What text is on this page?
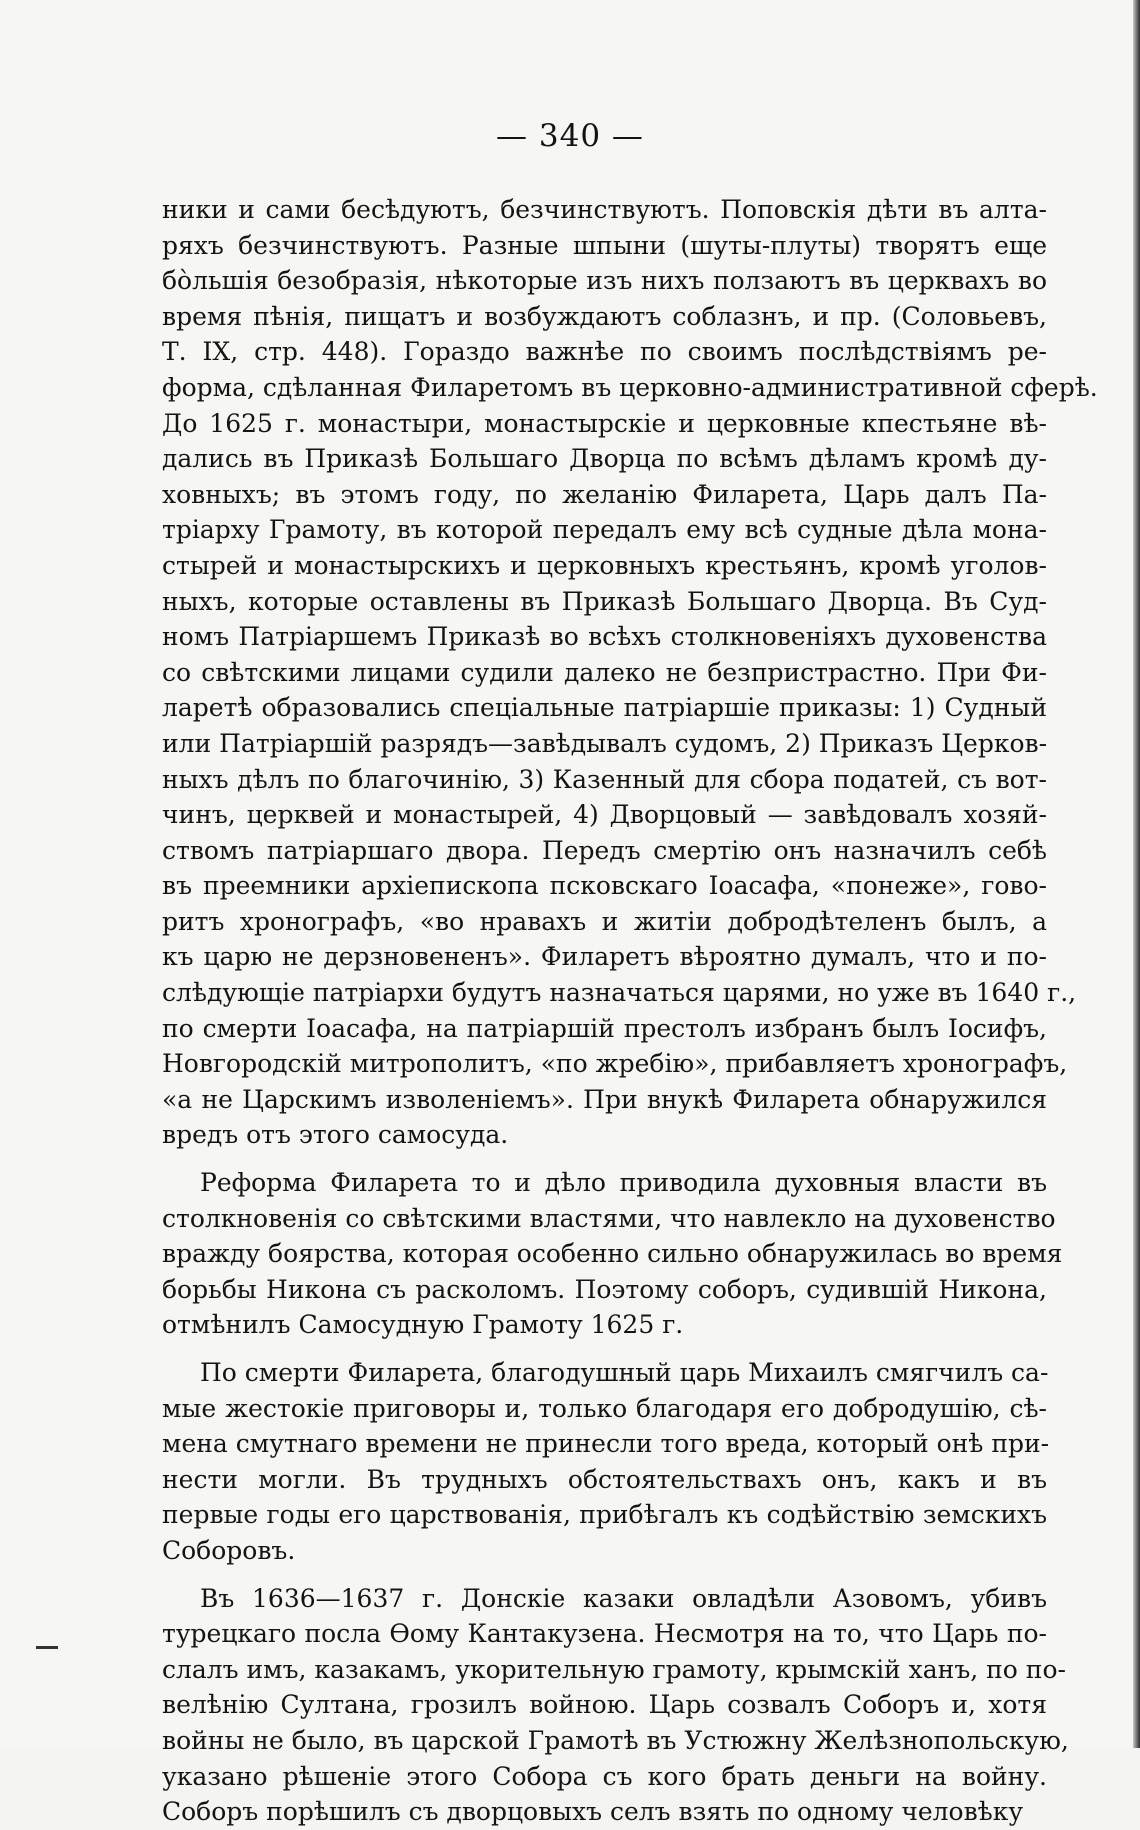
— 340 —
ники и сами бесѣдуютъ, безчинствуютъ. Поповскія дѣти въ алта-
ряхъ безчинствуютъ. Разные шпыни (шуты-плуты) творятъ еще
бо̀льшія безобразія, нѣкоторые изъ нихъ ползаютъ въ церквахъ во
время пѣнія, пищатъ и возбуждаютъ соблазнъ, и пр. (Соловьевъ,
Т. IX, стр. 448). Гораздо важнѣе по своимъ послѣдствіямъ ре-
форма, сдѣланная Филаретомъ въ церковно-административной сферѣ.
До 1625 г. монастыри, монастырскіе и церковные кпестьяне вѣ-
дались въ Приказѣ Большаго Дворца по всѣмъ дѣламъ кромѣ ду-
ховныхъ; въ этомъ году, по желанію Филарета, Царь далъ Па-
тріарху Грамоту, въ которой передалъ ему всѣ судные дѣла мона-
стырей и монастырскихъ и церковныхъ крестьянъ, кромѣ уголов-
ныхъ, которые оставлены въ Приказѣ Большаго Дворца. Въ Суд-
номъ Патріаршемъ Приказѣ во всѣхъ столкновеніяхъ духовенства
со свѣтскими лицами судили далеко не безпристрастно. При Фи-
ларетѣ образовались спеціальные патріаршіе приказы: 1) Судный
или Патріаршій разрядъ—завѣдывалъ судомъ, 2) Приказъ Церков-
ныхъ дѣлъ по благочинію, 3) Казенный для сбора податей, съ вот-
чинъ, церквей и монастырей, 4) Дворцовый — завѣдовалъ хозяй-
ствомъ патріаршаго двора. Передъ смертію онъ назначилъ себѣ
въ преемники архіепископа псковскаго Іоасафа, «понеже», гово-
ритъ хронографъ, «во нравахъ и житіи добродѣтеленъ былъ, а
къ царю не дерзновененъ». Филаретъ вѣроятно думалъ, что и по-
слѣдующіе патріархи будутъ назначаться царями, но уже въ 1640 г.,
по смерти Іоасафа, на патріаршій престолъ избранъ былъ Іосифъ,
Новгородскій митрополитъ, «по жребію», прибавляетъ хронографъ,
«а не Царскимъ изволеніемъ». При внукѣ Филарета обнаружился
вредъ отъ этого самосуда.
Реформа Филарета то и дѣло приводила духовныя власти въ
столкновенія со свѣтскими властями, что навлекло на духовенство
вражду боярства, которая особенно сильно обнаружилась во время
борьбы Никона съ расколомъ. Поэтому соборъ, судившій Никона,
отмѣнилъ Самосудную Грамоту 1625 г.
По смерти Филарета, благодушный царь Михаилъ смягчилъ са-
мые жестокіе приговоры и, только благодаря его добродушію, сѣ-
мена смутнаго времени не принесли того вреда, который онѣ при-
нести могли. Въ трудныхъ обстоятельствахъ онъ, какъ и въ
первые годы его царствованія, прибѣгалъ къ содѣйствію земскихъ
Соборовъ.
Въ 1636—1637 г. Донскіе казаки овладѣли Азовомъ, убивъ
турецкаго посла Ѳому Кантакузена. Несмотря на то, что Царь по-
слалъ имъ, казакамъ, укорительную грамоту, крымскій ханъ, по по-
велѣнію Султана, грозилъ войною. Царь созвалъ Соборъ и, хотя
войны не было, въ царской Грамотѣ въ Устюжну Желѣзнопольскую,
указано рѣшеніе этого Собора съ кого брать деньги на войну.
Соборъ порѣшилъ съ дворцовыхъ селъ взять по одному человѣку
